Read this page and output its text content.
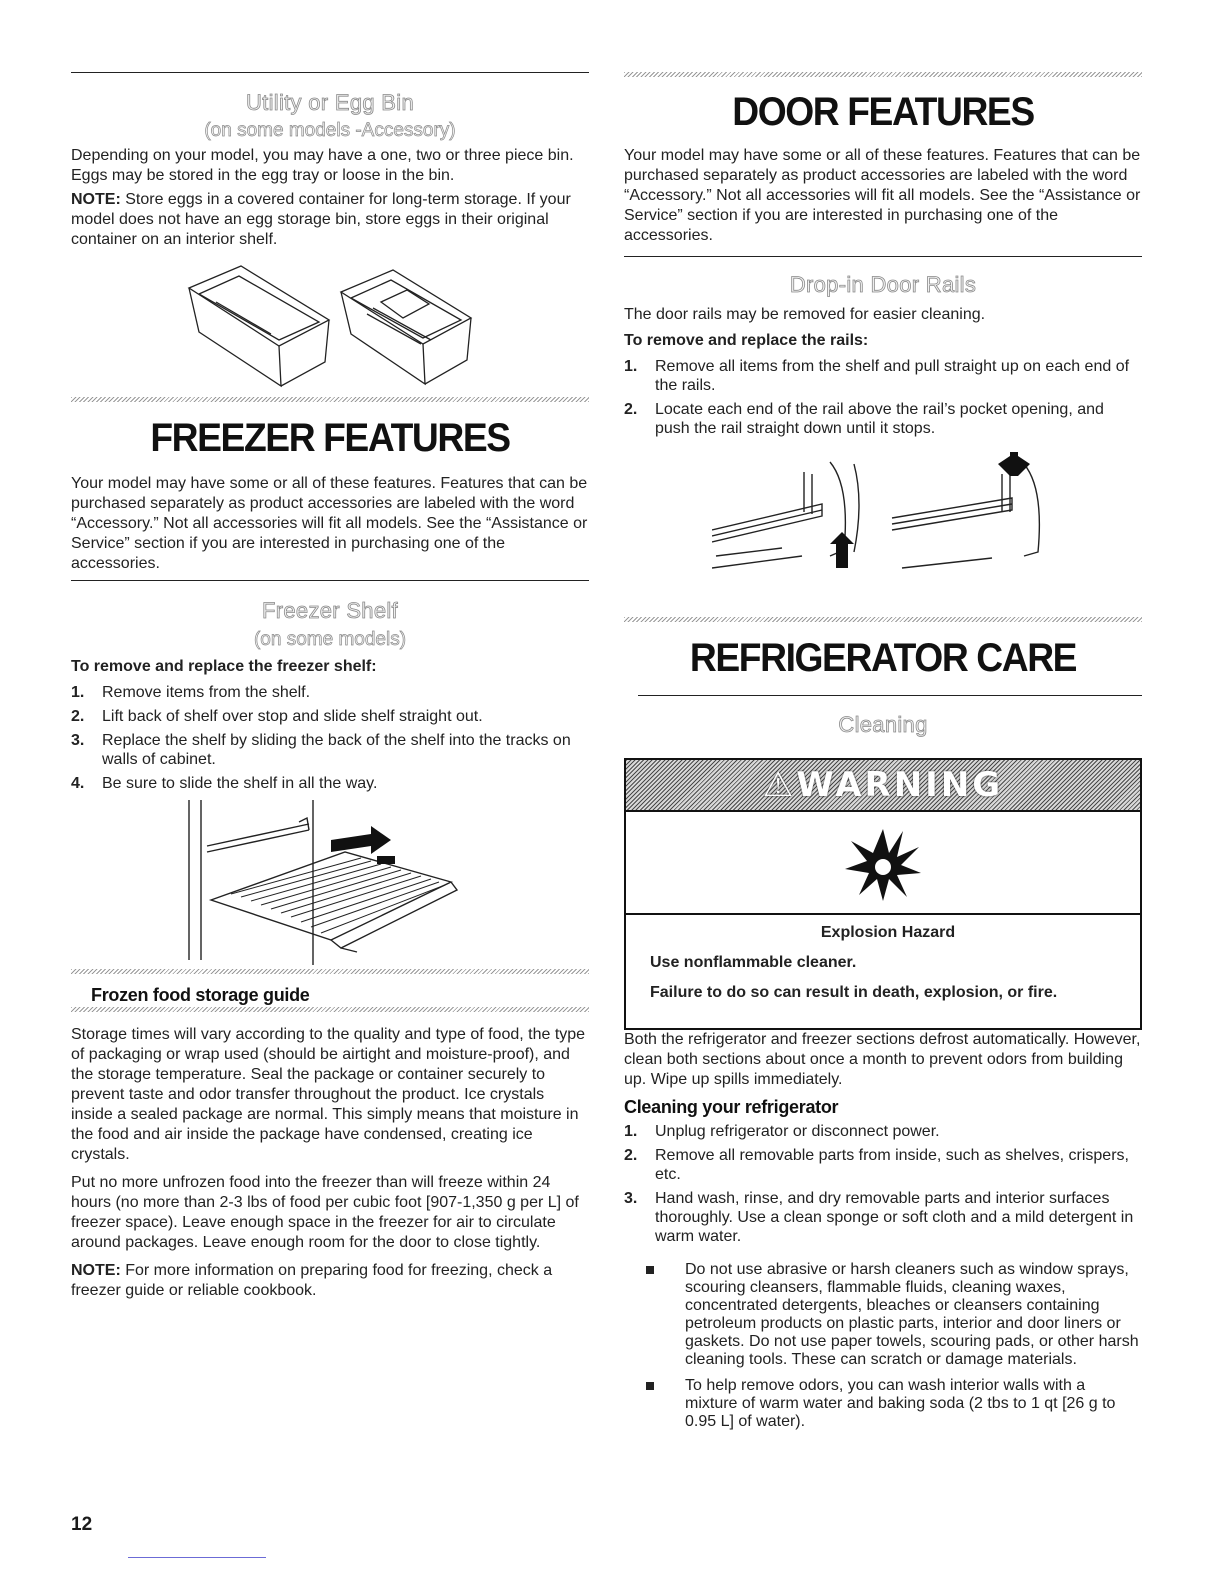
Utility or Egg Bin
(on some models -Accessory)

Depending on your model, you may have a one, two or three piece bin. Eggs may be stored in the egg tray or loose in the bin.

NOTE: Store eggs in a covered container for long-term storage. If your model does not have an egg storage bin, store eggs in their original container on an interior shelf.

FREEZER FEATURES

Your model may have some or all of these features. Features that can be purchased separately as product accessories are labeled with the word “Accessory.” Not all accessories will fit all models. See the “Assistance or Service” section if you are interested in purchasing one of the accessories.

Freezer Shelf
(on some models)
To remove and replace the freezer shelf:
1. Remove items from the shelf.
2. Lift back of shelf over stop and slide shelf straight out.
3. Replace the shelf by sliding the back of the shelf into the tracks on walls of cabinet.
4. Be sure to slide the shelf in all the way.
Frozen food storage guide

Storage times will vary according to the quality and type of food, the type of packaging or wrap used (should be airtight and moisture-proof), and the storage temperature. Seal the package or container securely to prevent taste and odor transfer throughout the product. Ice crystals inside a sealed package are normal. This simply means that moisture in the food and air inside the package have condensed, creating ice crystals.

Put no more unfrozen food into the freezer than will freeze within 24 hours (no more than 2-3 lbs of food per cubic foot [907-1,350 g per L] of freezer space). Leave enough space in the freezer for air to circulate around packages. Leave enough room for the door to close tightly.

NOTE: For more information on preparing food for freezing, check a freezer guide or reliable cookbook.

DOOR FEATURES

Your model may have some or all of these features. Features that can be purchased separately as product accessories are labeled with the word “Accessory.” Not all accessories will fit all models. See the “Assistance or Service” section if you are interested in purchasing one of the accessories.

Drop-in Door Rails

The door rails may be removed for easier cleaning.

To remove and replace the rails:
1. Remove all items from the shelf and pull straight up on each end of the rails.
2. Locate each end of the rail above the rail’s pocket opening, and push the rail straight down until it stops.
REFRIGERATOR CARE
Cleaning
⚠WARNING
Explosion Hazard
Use nonflammable cleaner.
Failure to do so can result in death, explosion, or fire.

Both the refrigerator and freezer sections defrost automatically. However, clean both sections about once a month to prevent odors from building up. Wipe up spills immediately.

Cleaning your refrigerator
1. Unplug refrigerator or disconnect power.
2. Remove all removable parts from inside, such as shelves, crispers, etc.
3. Hand wash, rinse, and dry removable parts and interior surfaces thoroughly. Use a clean sponge or soft cloth and a mild detergent in warm water.
Do not use abrasive or harsh cleaners such as window sprays, scouring cleansers, flammable fluids, cleaning waxes, concentrated detergents, bleaches or cleansers containing petroleum products on plastic parts, interior and door liners or gaskets. Do not use paper towels, scouring pads, or other harsh cleaning tools. These can scratch or damage materials.
To help remove odors, you can wash interior walls with a mixture of warm water and baking soda (2 tbs to 1 qt [26 g to 0.95 L] of water).
12
